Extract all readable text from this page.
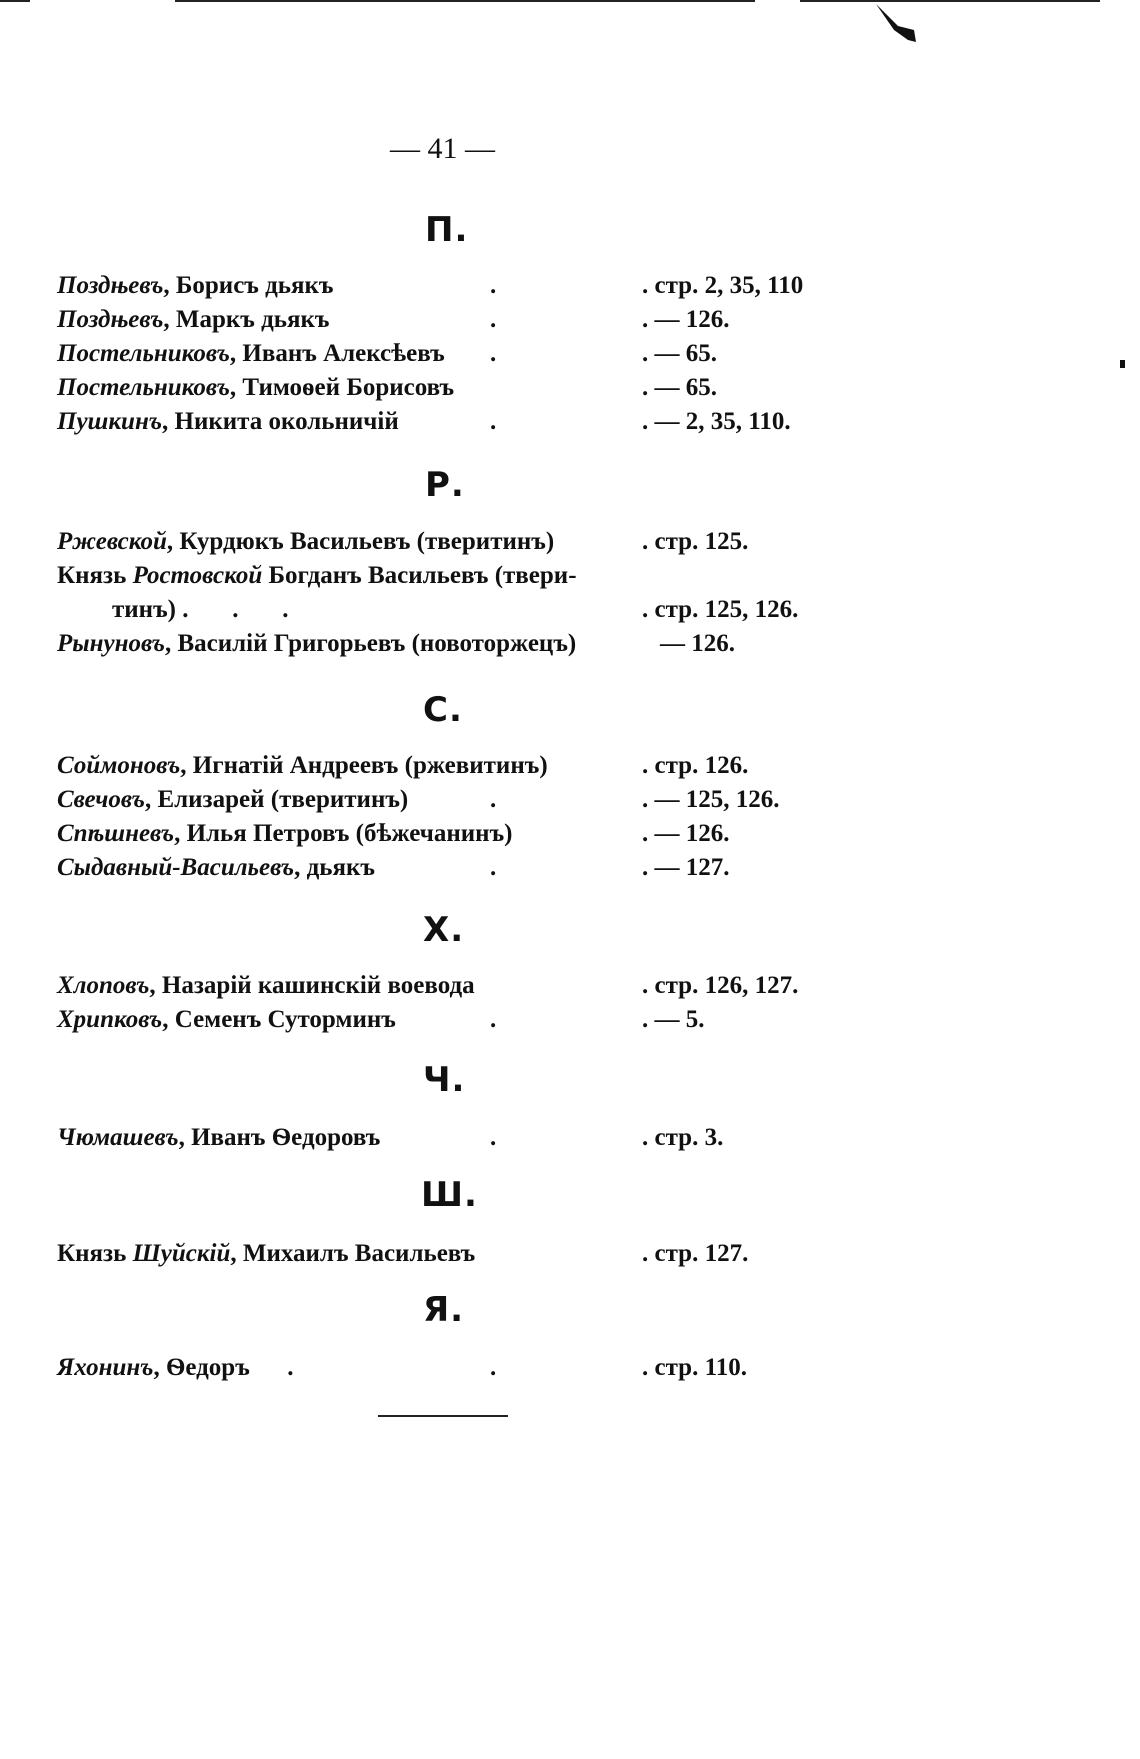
— 41 —
П.
Поздњевъ, Борисъ дьякъ	.	. стр. 2, 35, 110
Поздњевъ, Маркъ дьякъ	.	. — 126.
Постельниковъ, Иванъ Алексѣевъ .	. — 65.
Постельниковъ, Тимоѳей Борисовъ	. — 65.
Пушкинъ, Никита окольничій	.	. — 2, 35, 110.
Р.
Ржевской, Курдюкъ Васильевъ (тверитинъ)	. стр. 125.
Князь Ростовской Богданъ Васильевъ (твери-
тинъ) .       .       .	. стр. 125, 126.
Рынуновъ, Василій Григорьевъ (новоторжецъ)	— 126.
С.
Соймоновъ, Игнатій Андреевъ (ржевитинъ)	. стр. 126.
Свечовъ, Елизарей (тверитинъ)	.	. — 125, 126.
Спѣшневъ, Илья Петровъ (бѣжечанинъ)	. — 126.
Сыдавный-Васильевъ, дьякъ	.	. — 127.
Х.
Хлоповъ, Назарій кашинскій воевода	. стр. 126, 127.
Хрипковъ, Семенъ Суторминъ	.	. — 5.
Ч.
Чюмашевъ, Иванъ Ѳедоровъ	.	. стр. 3.
Ш.
Князь Шуйскій, Михаилъ Васильевъ	. стр. 127.
Я.
Яхонинъ, Ѳедоръ      .	.	. стр. 110.
